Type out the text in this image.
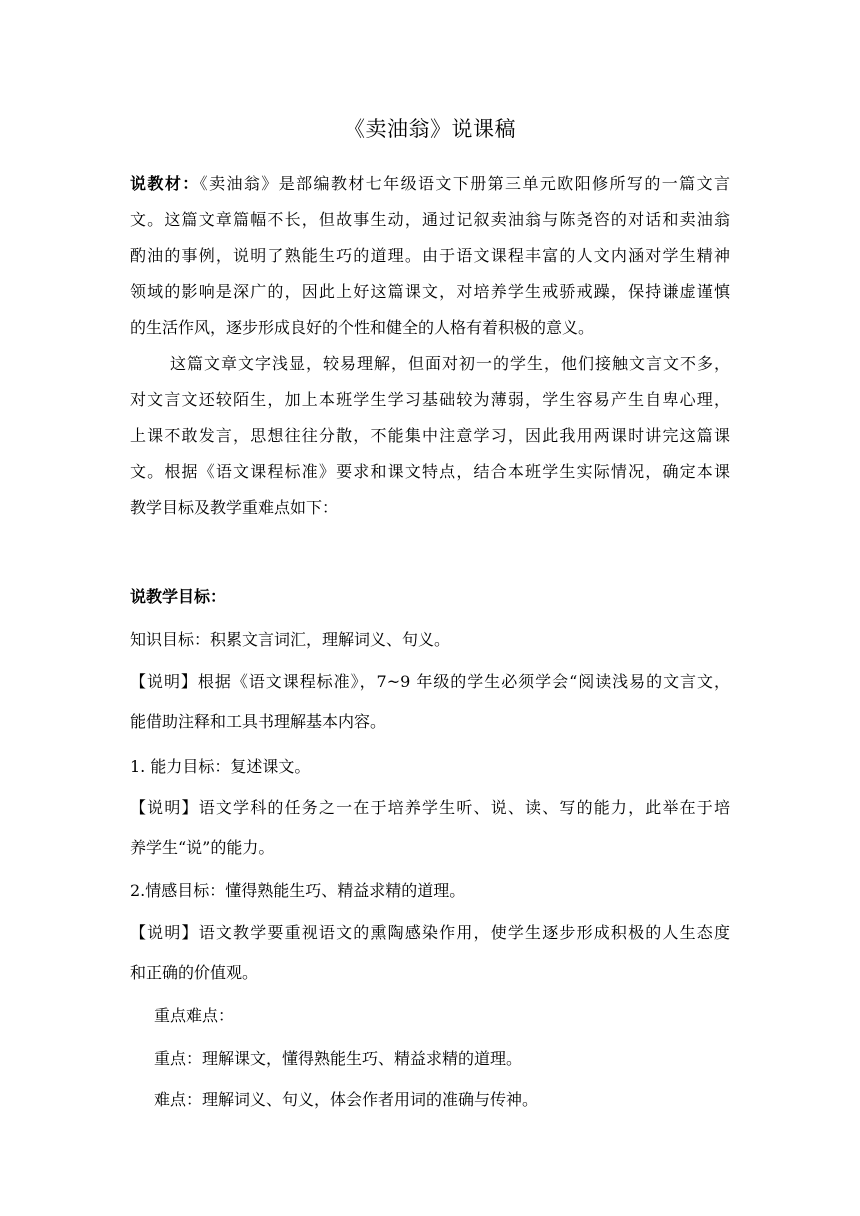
《卖油翁》说课稿
说教材：《卖油翁》是部编教材七年级语文下册第三单元欧阳修所写的一篇文言
文。这篇文章篇幅不长，但故事生动，通过记叙卖油翁与陈尧咨的对话和卖油翁
酌油的事例，说明了熟能生巧的道理。由于语文课程丰富的人文内涵对学生精神
领域的影响是深广的，因此上好这篇课文，对培养学生戒骄戒躁，保持谦虚谨慎
的生活作风，逐步形成良好的个性和健全的人格有着积极的意义。
这篇文章文字浅显，较易理解，但面对初一的学生，他们接触文言文不多，
对文言文还较陌生，加上本班学生学习基础较为薄弱，学生容易产生自卑心理，
上课不敢发言，思想往往分散，不能集中注意学习，因此我用两课时讲完这篇课
文。根据《语文课程标准》要求和课文特点，结合本班学生实际情况，确定本课
教学目标及教学重难点如下：
说教学目标：
知识目标：积累文言词汇，理解词义、句义。
【说明】根据《语文课程标准》，7~9 年级的学生必须学会“阅读浅易的文言文，
能借助注释和工具书理解基本内容。
1. 能力目标：复述课文。
【说明】语文学科的任务之一在于培养学生听、说、读、写的能力，此举在于培
养学生“说”的能力。
2.情感目标：懂得熟能生巧、精益求精的道理。
【说明】语文教学要重视语文的熏陶感染作用，使学生逐步形成积极的人生态度
和正确的价值观。
重点难点：
重点：理解课文，懂得熟能生巧、精益求精的道理。
难点：理解词义、句义，体会作者用词的准确与传神。
